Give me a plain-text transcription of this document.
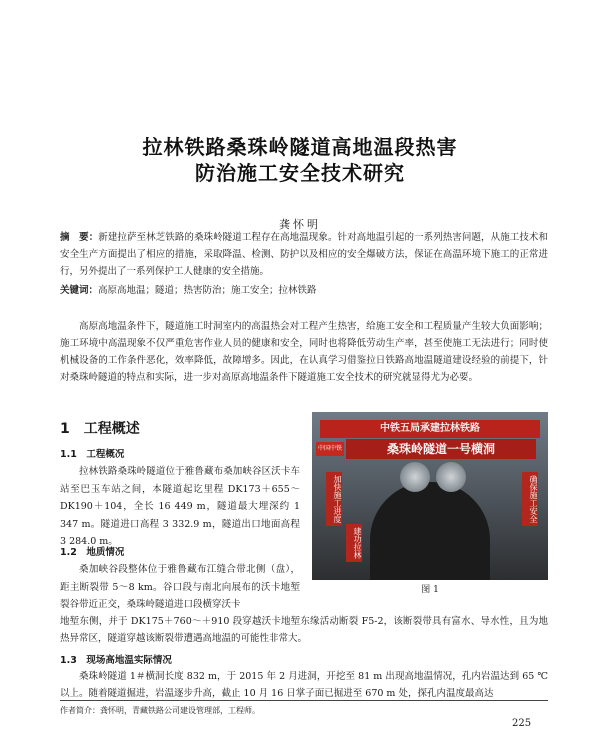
拉林铁路桑珠岭隧道高地温段热害
防治施工安全技术研究
龚怀明
摘　要：新建拉萨至林芝铁路的桑珠岭隧道工程存在高地温现象。针对高地温引起的一系列热害问题，从施工技术和安全生产方面提出了相应的措施，采取降温、检测、防护以及相应的安全爆破方法，保证在高温环境下施工的正常进行，另外提出了一系列保护工人健康的安全措施。
关键词：高原高地温；隧道；热害防治；施工安全；拉林铁路
高原高地温条件下，隧道施工时洞室内的高温热会对工程产生热害，给施工安全和工程质量产生较大负面影响；施工环境中高温现象不仅严重危害作业人员的健康和安全，同时也将降低劳动生产率，甚至使施工无法进行；同时使机械设备的工作条件恶化，效率降低，故障增多。因此，在认真学习借鉴拉日铁路高地温隧道建设经验的前提下，针对桑珠岭隧道的特点和实际，进一步对高原高地温条件下隧道施工安全技术的研究就显得尤为必要。
1　 工程概述
1.1　工程概况
拉林铁路桑珠岭隧道位于雅鲁藏布桑加峡谷区沃卡车站至巴玉车站之间，本隧道起讫里程 DK173＋655～DK190＋104，全长 16 449 m，隧道最大埋深约 1 347 m。隧道进口高程 3 332.9 m，隧道出口地面高程 3 284.0 m。
1.2　地质情况
桑加峡谷段整体位于雅鲁藏布江缝合带北侧（盘），距主断裂带 5～8 km。谷口段与南北向展布的沃卡地堑裂谷带近正交，桑珠岭隧道进口段横穿沃卡
地堑东侧，并于 DK175＋760～＋910 段穿越沃卡地堑东缘活动断裂 F5-2，该断裂带具有富水、导水性，且为地热异常区，隧道穿越该断裂带遭遇高地温的可能性非常大。
1.3　现场高地温实际情况
桑珠岭隧道 1＃横洞长度 832 m，于 2015 年 2 月进洞，开挖至 81 m 出现高地温情况，孔内岩温达到 65 ℃以上。随着隧道掘进，岩温逐步升高，截止 10 月 16 日掌子面已掘进至 670 m 处，探孔内温度最高达
中国中铁
中铁五局承建拉林铁路
桑珠岭隧道一号横洞
加快施工进度
建功拉林
确保施工安全
图 1
作者简介：龚怀明，青藏铁路公司建设管理部，工程师。
225
